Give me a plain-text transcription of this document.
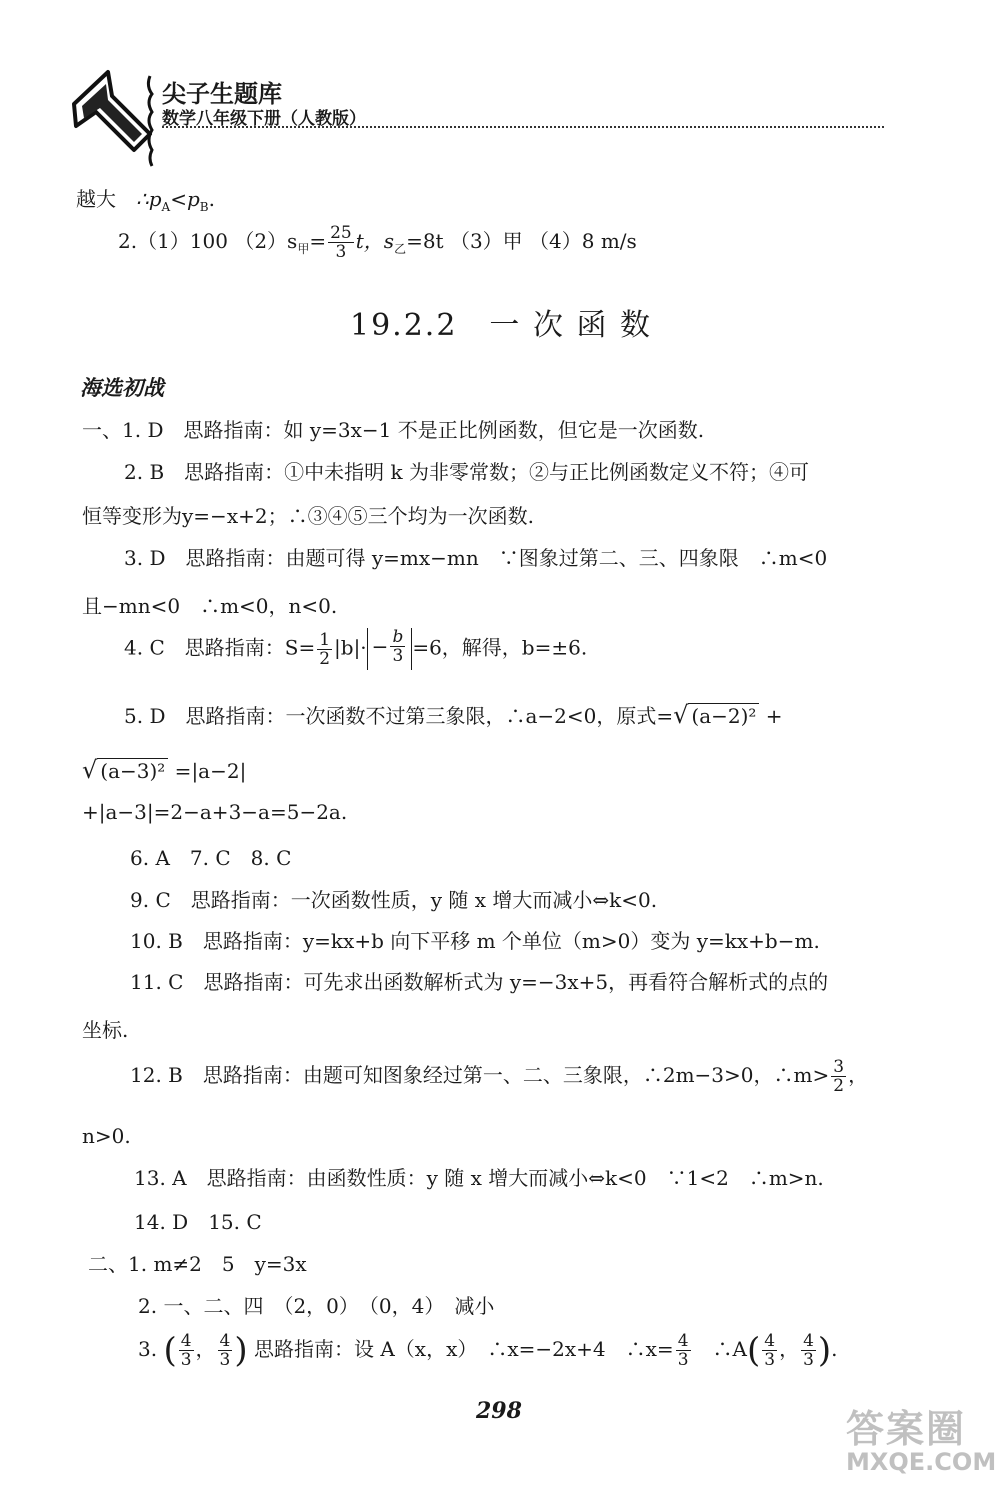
尖子生题库
数学八年级下册（人教版）
越大　 $\therefore p_A<p_B$.
2.（1）100 $(2)s_甲= \frac{25}{3}$ t，$s_乙=8t$ （3）甲 （4）8 m/s
19.2.2　一 次 函 数
海选初战
一、1. D　思路指南：如 y=3x−1 不是正比例函数，但它是一次函数.
2. B　思路指南：①中未指明 k 为非零常数；②与正比例函数定义不符；④可
恒等变形为y=−x+2；∴③④⑤三个均为一次函数.
3. D　思路指南：由题可得 y=mx−mn　∵图象过第二、三、四象限　∴m<0
且−mn<0　∴m<0，n<0.
4. C　思路指南：$S= \frac{1}{2} |b|\cdot - \frac{b}{3} =6$，解得，b=±6.
5. D　思路指南：一次函数不过第三象限，∴a−2<0，原式=√ (a−2)² +
√ (a−3)² =|a−2|
+|a−3|=2−a+3−a=5−2a.
6. A　7. C　8. C
9. C　思路指南：一次函数性质，y 随 x 增大而减小⇔k<0.
10. B　思路指南：y=kx+b 向下平移 m 个单位（m>0）变为 y=kx+b−m.
11. C　思路指南：可先求出函数解析式为 y=−3x+5，再看符合解析式的点的
坐标.
12. B　思路指南：由题可知图象经过第一、二、三象限，∴2m−3>0，∴m> $\frac{3}{2}$ ，
n>0.
13. A　思路指南：由函数性质：y 随 x 增大而减小⇔k<0　∵1<2　∴m>n.
14. D　15. C
二、1. m≠2　5　y=3x
2. 一、二、四　（2，0）　（0，4）　减小
3. ( $\frac{4}{3}$ ， $\frac{4}{3}$ ) 思路指南：设 A（x，x）　∴x=−2x+4　∴x= $\frac{4}{3}$
　 ∴A( $\frac{4}{3}$ ， $\frac{4}{3}$ ).
298	答案圈
MXQE.COM
